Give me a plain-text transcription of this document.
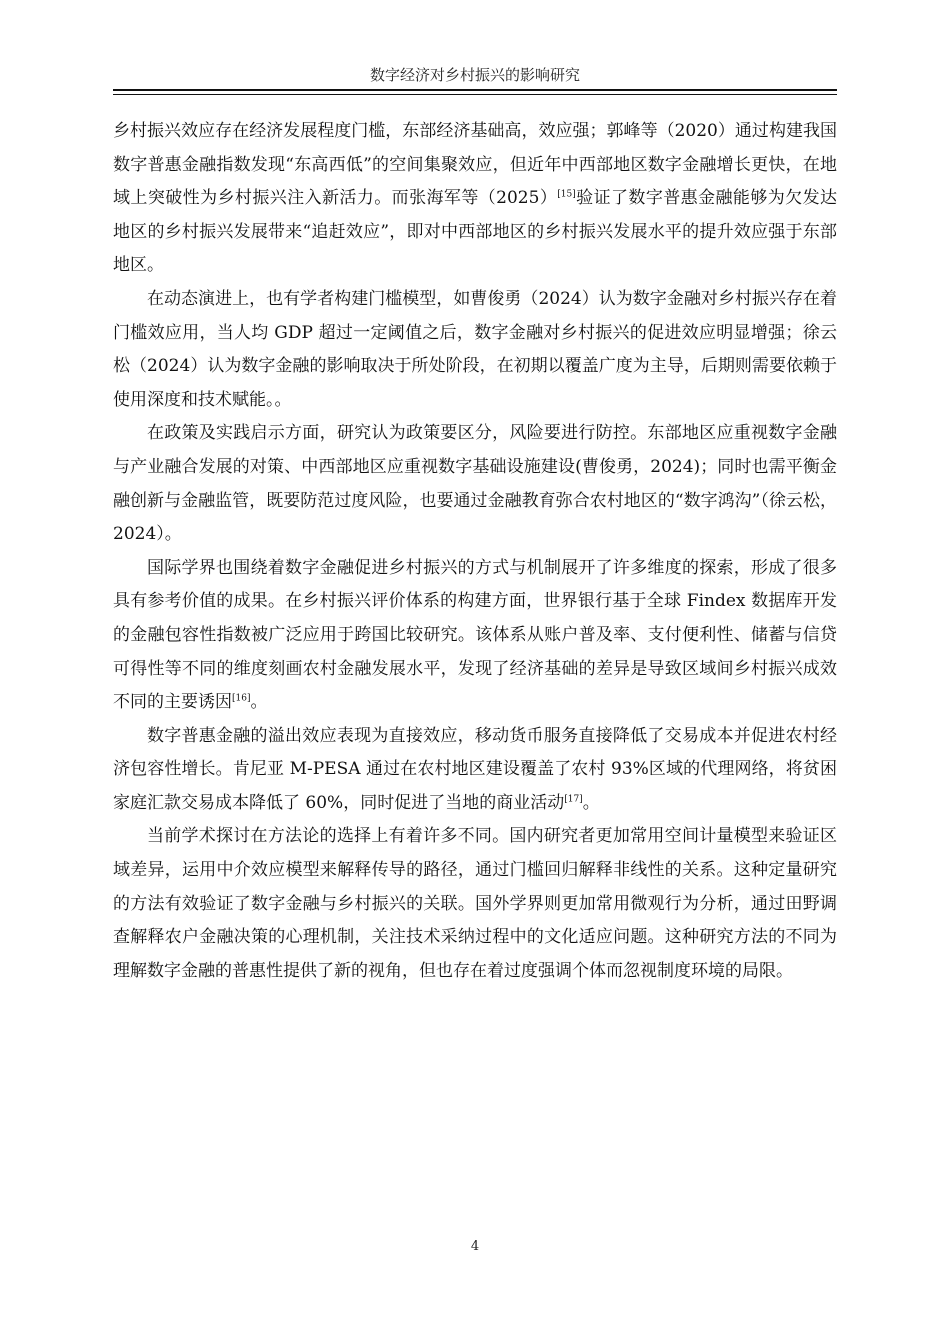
数字经济对乡村振兴的影响研究

乡村振兴效应存在经济发展程度门槛，东部经济基础高，效应强；郭峰等（2020）通过构建我国数字普惠金融指数发现“东高西低”的空间集聚效应，但近年中西部地区数字金融增长更快，在地域上突破性为乡村振兴注入新活力。而张海军等（2025）[15]验证了数字普惠金融能够为欠发达地区的乡村振兴发展带来“追赶效应”，即对中西部地区的乡村振兴发展水平的提升效应强于东部地区。

在动态演进上，也有学者构建门槛模型，如曹俊勇（2024）认为数字金融对乡村振兴存在着门槛效应用，当人均 GDP 超过一定阈值之后，数字金融对乡村振兴的促进效应明显增强；徐云松（2024）认为数字金融的影响取决于所处阶段，在初期以覆盖广度为主导，后期则需要依赖于使用深度和技术赋能。。

在政策及实践启示方面，研究认为政策要区分，风险要进行防控。东部地区应重视数字金融与产业融合发展的对策、中西部地区应重视数字基础设施建设(曹俊勇，2024)；同时也需平衡金融创新与金融监管，既要防范过度风险，也要通过金融教育弥合农村地区的“数字鸿沟”（徐云松，2024）。

国际学界也围绕着数字金融促进乡村振兴的方式与机制展开了许多维度的探索，形成了很多具有参考价值的成果。在乡村振兴评价体系的构建方面，世界银行基于全球 Findex 数据库开发的金融包容性指数被广泛应用于跨国比较研究。该体系从账户普及率、支付便利性、储蓄与信贷可得性等不同的维度刻画农村金融发展水平，发现了经济基础的差异是导致区域间乡村振兴成效不同的主要诱因[16]。

数字普惠金融的溢出效应表现为直接效应，移动货币服务直接降低了交易成本并促进农村经济包容性增长。肯尼亚 M-PESA 通过在农村地区建设覆盖了农村 93%区域的代理网络，将贫困家庭汇款交易成本降低了 60%，同时促进了当地的商业活动[17]。

当前学术探讨在方法论的选择上有着许多不同。国内研究者更加常用空间计量模型来验证区域差异，运用中介效应模型来解释传导的路径，通过门槛回归解释非线性的关系。这种定量研究的方法有效验证了数字金融与乡村振兴的关联。国外学界则更加常用微观行为分析，通过田野调查解释农户金融决策的心理机制，关注技术采纳过程中的文化适应问题。这种研究方法的不同为理解数字金融的普惠性提供了新的视角，但也存在着过度强调个体而忽视制度环境的局限。

4
